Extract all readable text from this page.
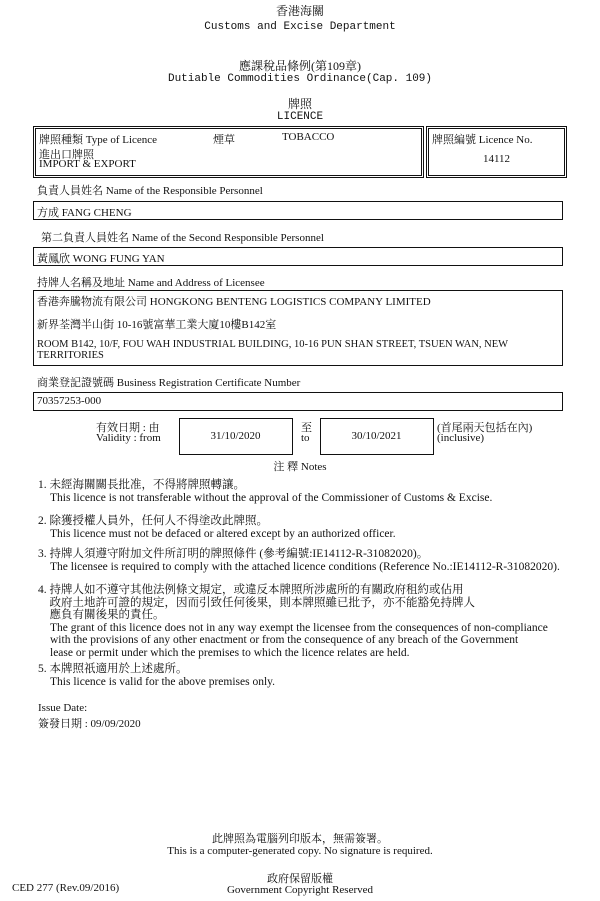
香港海關
Customs and Excise Department
應課稅品條例(第109章)
Dutiable Commodities Ordinance(Cap. 109)
牌照
LICENCE
牌照種類 Type of Licence	煙草	TOBACCO
進出口牌照
IMPORT & EXPORT
牌照編號 Licence No.
14112
負責人員姓名 Name of the Responsible Personnel
方成 FANG CHENG
第二負責人員姓名 Name of the Second Responsible Personnel
黃鳳欣 WONG FUNG YAN
持牌人名稱及地址 Name and Address of Licensee
香港奔騰物流有限公司 HONGKONG BENTENG LOGISTICS COMPANY LIMITED
新界荃灣半山街 10-16號富華工業大廈10樓B142室
ROOM B142, 10/F, FOU WAH INDUSTRIAL BUILDING, 10-16 PUN SHAN STREET, TSUEN WAN, NEW
TERRITORIES
商業登記證號碼 Business Registration Certificate Number
70357253-000
有效日期 : 由
Validity : from	31/10/2020
至
to	30/10/2021
(首尾兩天包括在內)
(inclusive)
注 釋 Notes
1. 未經海關關長批准，不得將牌照轉讓。
This licence is not transferable without the approval of the Commissioner of Customs & Excise.
2. 除獲授權人員外，任何人不得塗改此牌照。
This licence must not be defaced or altered except by an authorized officer.
3. 持牌人須遵守附加文件所訂明的牌照條件 (參考編號:IE14112-R-31082020)。
The licensee is required to comply with the attached licence conditions (Reference No.:IE14112-R-31082020).
4. 持牌人如不遵守其他法例條文規定，或違反本牌照所涉處所的有關政府租約或佔用
政府土地許可證的規定，因而引致任何後果，則本牌照雖已批予，亦不能豁免持牌人
應負有關後果的責任。
The grant of this licence does not in any way exempt the licensee from the consequences of non-compliance
with the provisions of any other enactment or from the consequence of any breach of the Government
lease or permit under which the premises to which the licence relates are held.
5. 本牌照祇適用於上述處所。
This licence is valid for the above premises only.
Issue Date:
簽發日期 : 09/09/2020
此牌照為電腦列印版本，無需簽署。
This is a computer-generated copy. No signature is required.
CED 277 (Rev.09/2016)
政府保留版權
Government Copyright Reserved
